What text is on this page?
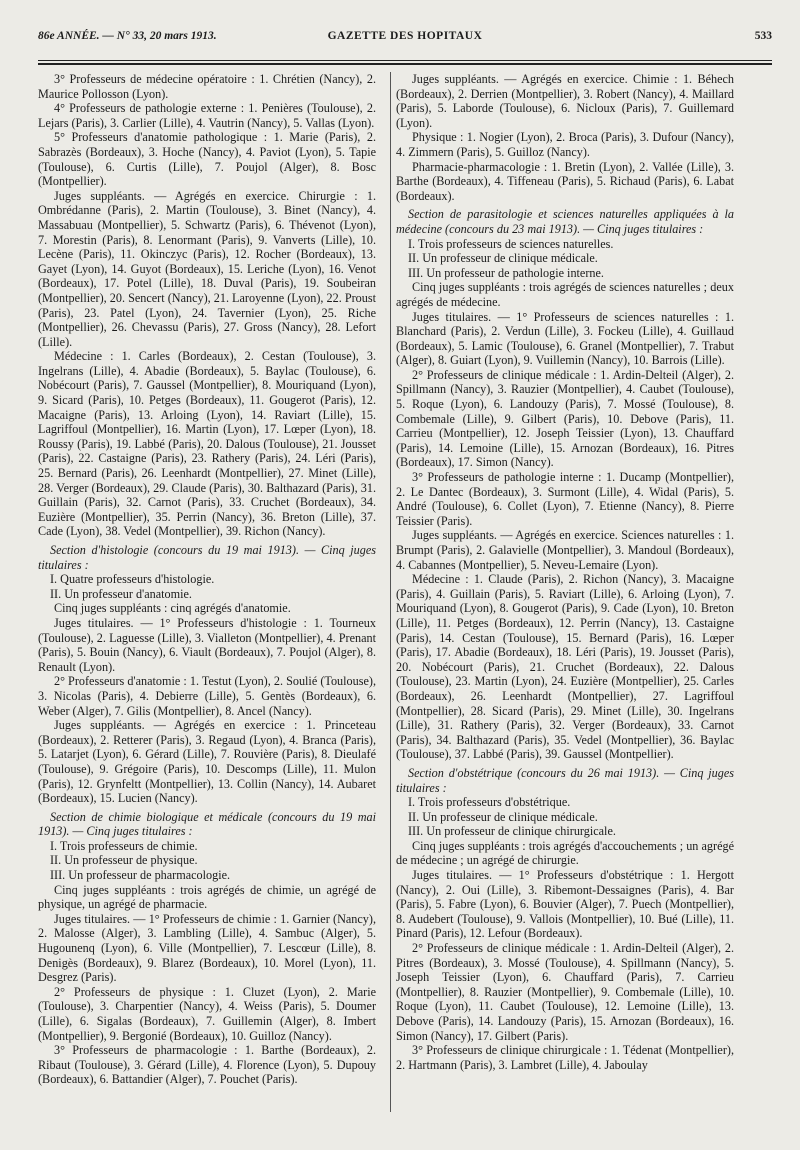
86e ANNÉE. — N° 33, 20 mars 1913.	GAZETTE DES HOPITAUX	533

3° Professeurs de médecine opératoire : 1. Chrétien (Nancy), 2. Maurice Pollosson (Lyon).

4° Professeurs de pathologie externe : 1. Penières (Toulouse), 2. Lejars (Paris), 3. Carlier (Lille), 4. Vautrin (Nancy), 5. Vallas (Lyon).

5° Professeurs d'anatomie pathologique : 1. Marie (Paris), 2. Sabrazès (Bordeaux), 3. Hoche (Nancy), 4. Paviot (Lyon), 5. Tapie (Toulouse), 6. Curtis (Lille), 7. Poujol (Alger), 8. Bosc (Montpellier).

Juges suppléants. — Agrégés en exercice. Chirurgie : 1. Ombrédanne (Paris), 2. Martin (Toulouse), 3. Binet (Nancy), 4. Massabuau (Montpellier), 5. Schwartz (Paris), 6. Thévenot (Lyon), 7. Morestin (Paris), 8. Lenormant (Paris), 9. Vanverts (Lille), 10. Lecène (Paris), 11. Okinczyc (Paris), 12. Rocher (Bordeaux), 13. Gayet (Lyon), 14. Guyot (Bordeaux), 15. Leriche (Lyon), 16. Venot (Bordeaux), 17. Potel (Lille), 18. Duval (Paris), 19. Soubeiran (Montpellier), 20. Sencert (Nancy), 21. Laroyenne (Lyon), 22. Proust (Paris), 23. Patel (Lyon), 24. Tavernier (Lyon), 25. Riche (Montpellier), 26. Chevassu (Paris), 27. Gross (Nancy), 28. Lefort (Lille).

Médecine : 1. Carles (Bordeaux), 2. Cestan (Toulouse), 3. Ingelrans (Lille), 4. Abadie (Bordeaux), 5. Baylac (Toulouse), 6. Nobécourt (Paris), 7. Gaussel (Montpellier), 8. Mouriquand (Lyon), 9. Sicard (Paris), 10. Petges (Bordeaux), 11. Gougerot (Paris), 12. Macaigne (Paris), 13. Arloing (Lyon), 14. Raviart (Lille), 15. Lagriffoul (Montpellier), 16. Martin (Lyon), 17. Lœper (Lyon), 18. Roussy (Paris), 19. Labbé (Paris), 20. Dalous (Toulouse), 21. Jousset (Paris), 22. Castaigne (Paris), 23. Rathery (Paris), 24. Léri (Paris), 25. Bernard (Paris), 26. Leenhardt (Montpellier), 27. Minet (Lille), 28. Verger (Bordeaux), 29. Claude (Paris), 30. Balthazard (Paris), 31. Guillain (Paris), 32. Carnot (Paris), 33. Cruchet (Bordeaux), 34. Euzière (Montpellier), 35. Perrin (Nancy), 36. Breton (Lille), 37. Cade (Lyon), 38. Vedel (Montpellier), 39. Richon (Nancy).

Section d'histologie (concours du 19 mai 1913). — Cinq juges titulaires :

I. Quatre professeurs d'histologie.

II. Un professeur d'anatomie.

Cinq juges suppléants : cinq agrégés d'anatomie.

Juges titulaires. — 1° Professeurs d'histologie : 1. Tourneux (Toulouse), 2. Laguesse (Lille), 3. Vialleton (Montpellier), 4. Prenant (Paris), 5. Bouin (Nancy), 6. Viault (Bordeaux), 7. Poujol (Alger), 8. Renault (Lyon).

2° Professeurs d'anatomie : 1. Testut (Lyon), 2. Soulié (Toulouse), 3. Nicolas (Paris), 4. Debierre (Lille), 5. Gentès (Bordeaux), 6. Weber (Alger), 7. Gilis (Montpellier), 8. Ancel (Nancy).

Juges suppléants. — Agrégés en exercice : 1. Princeteau (Bordeaux), 2. Retterer (Paris), 3. Regaud (Lyon), 4. Branca (Paris), 5. Latarjet (Lyon), 6. Gérard (Lille), 7. Rouvière (Paris), 8. Dieulafé (Toulouse), 9. Grégoire (Paris), 10. Descomps (Lille), 11. Mulon (Paris), 12. Grynfeltt (Montpellier), 13. Collin (Nancy), 14. Aubaret (Bordeaux), 15. Lucien (Nancy).

Section de chimie biologique et médicale (concours du 19 mai 1913). — Cinq juges titulaires :

I. Trois professeurs de chimie.

II. Un professeur de physique.

III. Un professeur de pharmacologie.

Cinq juges suppléants : trois agrégés de chimie, un agrégé de physique, un agrégé de pharmacie.

Juges titulaires. — 1° Professeurs de chimie : 1. Garnier (Nancy), 2. Malosse (Alger), 3. Lambling (Lille), 4. Sambuc (Alger), 5. Hugounenq (Lyon), 6. Ville (Montpellier), 7. Lescœur (Lille), 8. Denigès (Bordeaux), 9. Blarez (Bordeaux), 10. Morel (Lyon), 11. Desgrez (Paris).

2° Professeurs de physique : 1. Cluzet (Lyon), 2. Marie (Toulouse), 3. Charpentier (Nancy), 4. Weiss (Paris), 5. Doumer (Lille), 6. Sigalas (Bordeaux), 7. Guillemin (Alger), 8. Imbert (Montpellier), 9. Bergonié (Bordeaux), 10. Guilloz (Nancy).

3° Professeurs de pharmacologie : 1. Barthe (Bordeaux), 2. Ribaut (Toulouse), 3. Gérard (Lille), 4. Florence (Lyon), 5. Dupouy (Bordeaux), 6. Battandier (Alger), 7. Pouchet (Paris).

Juges suppléants. — Agrégés en exercice. Chimie : 1. Béhech (Bordeaux), 2. Derrien (Montpellier), 3. Robert (Nancy), 4. Maillard (Paris), 5. Laborde (Toulouse), 6. Nicloux (Paris), 7. Guillemard (Lyon).

Physique : 1. Nogier (Lyon), 2. Broca (Paris), 3. Dufour (Nancy), 4. Zimmern (Paris), 5. Guilloz (Nancy).

Pharmacie-pharmacologie : 1. Bretin (Lyon), 2. Vallée (Lille), 3. Barthe (Bordeaux), 4. Tiffeneau (Paris), 5. Richaud (Paris), 6. Labat (Bordeaux).

Section de parasitologie et sciences naturelles appliquées à la médecine (concours du 23 mai 1913). — Cinq juges titulaires :

I. Trois professeurs de sciences naturelles.

II. Un professeur de clinique médicale.

III. Un professeur de pathologie interne.

Cinq juges suppléants : trois agrégés de sciences naturelles ; deux agrégés de médecine.

Juges titulaires. — 1° Professeurs de sciences naturelles : 1. Blanchard (Paris), 2. Verdun (Lille), 3. Fockeu (Lille), 4. Guillaud (Bordeaux), 5. Lamic (Toulouse), 6. Granel (Montpellier), 7. Trabut (Alger), 8. Guiart (Lyon), 9. Vuillemin (Nancy), 10. Barrois (Lille).

2° Professeurs de clinique médicale : 1. Ardin-Delteil (Alger), 2. Spillmann (Nancy), 3. Rauzier (Montpellier), 4. Caubet (Toulouse), 5. Roque (Lyon), 6. Landouzy (Paris), 7. Mossé (Toulouse), 8. Combemale (Lille), 9. Gilbert (Paris), 10. Debove (Paris), 11. Carrieu (Montpellier), 12. Joseph Teissier (Lyon), 13. Chauffard (Paris), 14. Lemoine (Lille), 15. Arnozan (Bordeaux), 16. Pitres (Bordeaux), 17. Simon (Nancy).

3° Professeurs de pathologie interne : 1. Ducamp (Montpellier), 2. Le Dantec (Bordeaux), 3. Surmont (Lille), 4. Widal (Paris), 5. André (Toulouse), 6. Collet (Lyon), 7. Etienne (Nancy), 8. Pierre Teissier (Paris).

Juges suppléants. — Agrégés en exercice. Sciences naturelles : 1. Brumpt (Paris), 2. Galavielle (Montpellier), 3. Mandoul (Bordeaux), 4. Cabannes (Montpellier), 5. Neveu-Lemaire (Lyon).

Médecine : 1. Claude (Paris), 2. Richon (Nancy), 3. Macaigne (Paris), 4. Guillain (Paris), 5. Raviart (Lille), 6. Arloing (Lyon), 7. Mouriquand (Lyon), 8. Gougerot (Paris), 9. Cade (Lyon), 10. Breton (Lille), 11. Petges (Bordeaux), 12. Perrin (Nancy), 13. Castaigne (Paris), 14. Cestan (Toulouse), 15. Bernard (Paris), 16. Lœper (Paris), 17. Abadie (Bordeaux), 18. Léri (Paris), 19. Jousset (Paris), 20. Nobécourt (Paris), 21. Cruchet (Bordeaux), 22. Dalous (Toulouse), 23. Martin (Lyon), 24. Euzière (Montpellier), 25. Carles (Bordeaux), 26. Leenhardt (Montpellier), 27. Lagriffoul (Montpellier), 28. Sicard (Paris), 29. Minet (Lille), 30. Ingelrans (Lille), 31. Rathery (Paris), 32. Verger (Bordeaux), 33. Carnot (Paris), 34. Balthazard (Paris), 35. Vedel (Montpellier), 36. Baylac (Toulouse), 37. Labbé (Paris), 39. Gaussel (Montpellier).

Section d'obstétrique (concours du 26 mai 1913). — Cinq juges titulaires :

I. Trois professeurs d'obstétrique.

II. Un professeur de clinique médicale.

III. Un professeur de clinique chirurgicale.

Cinq juges suppléants : trois agrégés d'accouchements ; un agrégé de médecine ; un agrégé de chirurgie.

Juges titulaires. — 1° Professeurs d'obstétrique : 1. Hergott (Nancy), 2. Oui (Lille), 3. Ribemont-Dessaignes (Paris), 4. Bar (Paris), 5. Fabre (Lyon), 6. Bouvier (Alger), 7. Puech (Montpellier), 8. Audebert (Toulouse), 9. Vallois (Montpellier), 10. Bué (Lille), 11. Pinard (Paris), 12. Lefour (Bordeaux).

2° Professeurs de clinique médicale : 1. Ardin-Delteil (Alger), 2. Pitres (Bordeaux), 3. Mossé (Toulouse), 4. Spillmann (Nancy), 5. Joseph Teissier (Lyon), 6. Chauffard (Paris), 7. Carrieu (Montpellier), 8. Rauzier (Montpellier), 9. Combemale (Lille), 10. Roque (Lyon), 11. Caubet (Toulouse), 12. Lemoine (Lille), 13. Debove (Paris), 14. Landouzy (Paris), 15. Arnozan (Bordeaux), 16. Simon (Nancy), 17. Gilbert (Paris).

3° Professeurs de clinique chirurgicale : 1. Tédenat (Montpellier), 2. Hartmann (Paris), 3. Lambret (Lille), 4. Jaboulay
